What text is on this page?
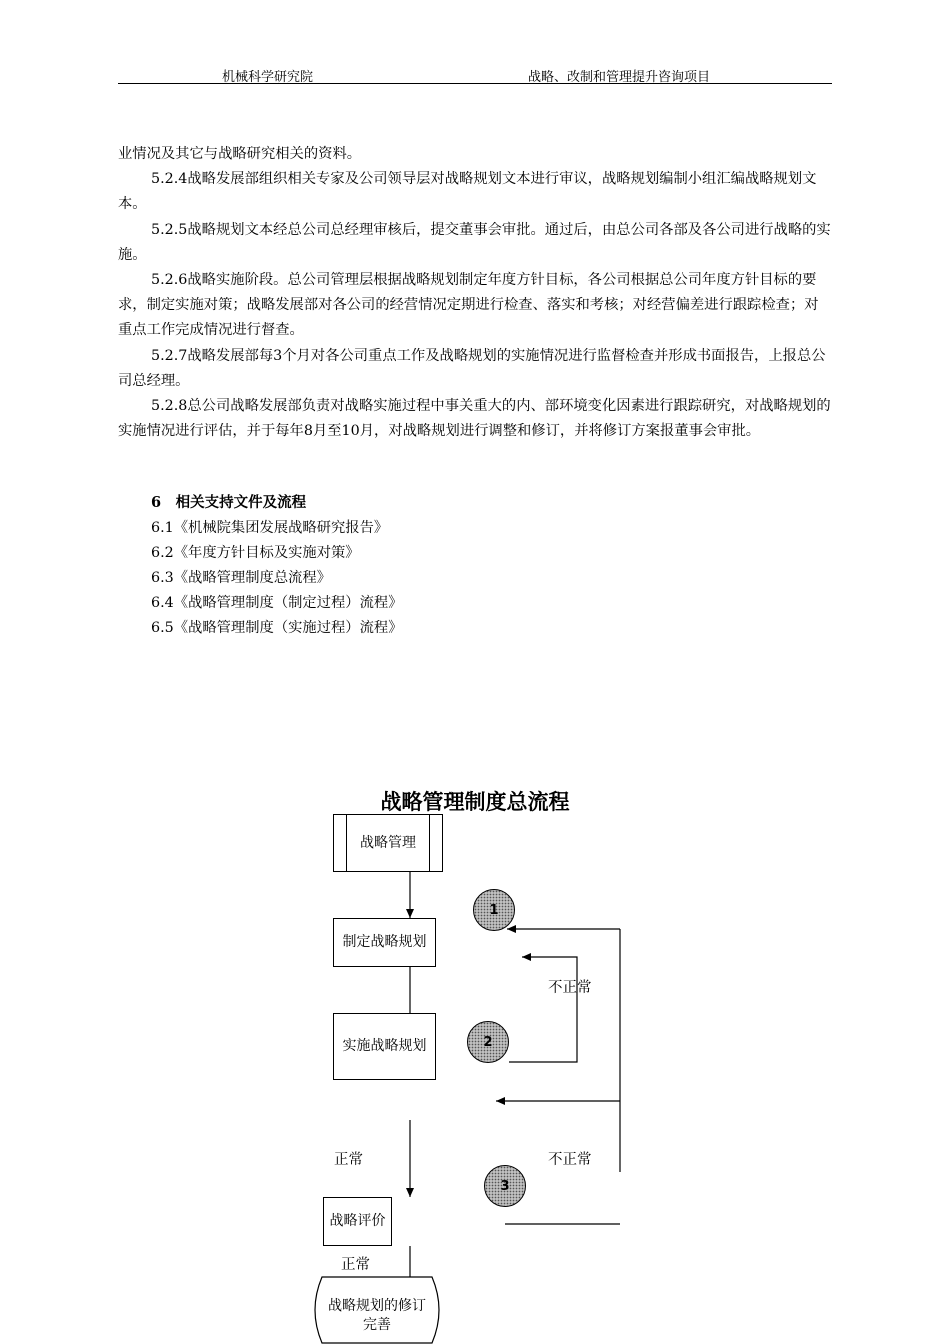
机械科学研究院	战略、改制和管理提升咨询项目

业情况及其它与战略研究相关的资料。

5.2.4战略发展部组织相关专家及公司领导层对战略规划文本进行审议，战略规划编制小组汇编战略规划文本。

5.2.5战略规划文本经总公司总经理审核后，提交董事会审批。通过后，由总公司各部及各公司进行战略的实施。

5.2.6战略实施阶段。总公司管理层根据战略规划制定年度方针目标，各公司根据总公司年度方针目标的要求，制定实施对策；战略发展部对各公司的经营情况定期进行检查、落实和考核；对经营偏差进行跟踪检查；对重点工作完成情况进行督查。

5.2.7战略发展部每3个月对各公司重点工作及战略规划的实施情况进行监督检查并形成书面报告，上报总公司总经理。

5.2.8总公司战略发展部负责对战略实施过程中事关重大的内、部环境变化因素进行跟踪研究，对战略规划的实施情况进行评估，并于每年8月至10月，对战略规划进行调整和修订，并将修订方案报董事会审批。

6　相关支持文件及流程
6.1《机械院集团发展战略研究报告》
6.2《年度方针目标及实施对策》
6.3《战略管理制度总流程》
6.4《战略管理制度（制定过程）流程》
6.5《战略管理制度（实施过程）流程》
战略管理制度总流程
战略管理
制定战略规划
实施战略规划
战略评价
战略规划的修订完善
1
2
3
不正常
不正常
正常
正常
